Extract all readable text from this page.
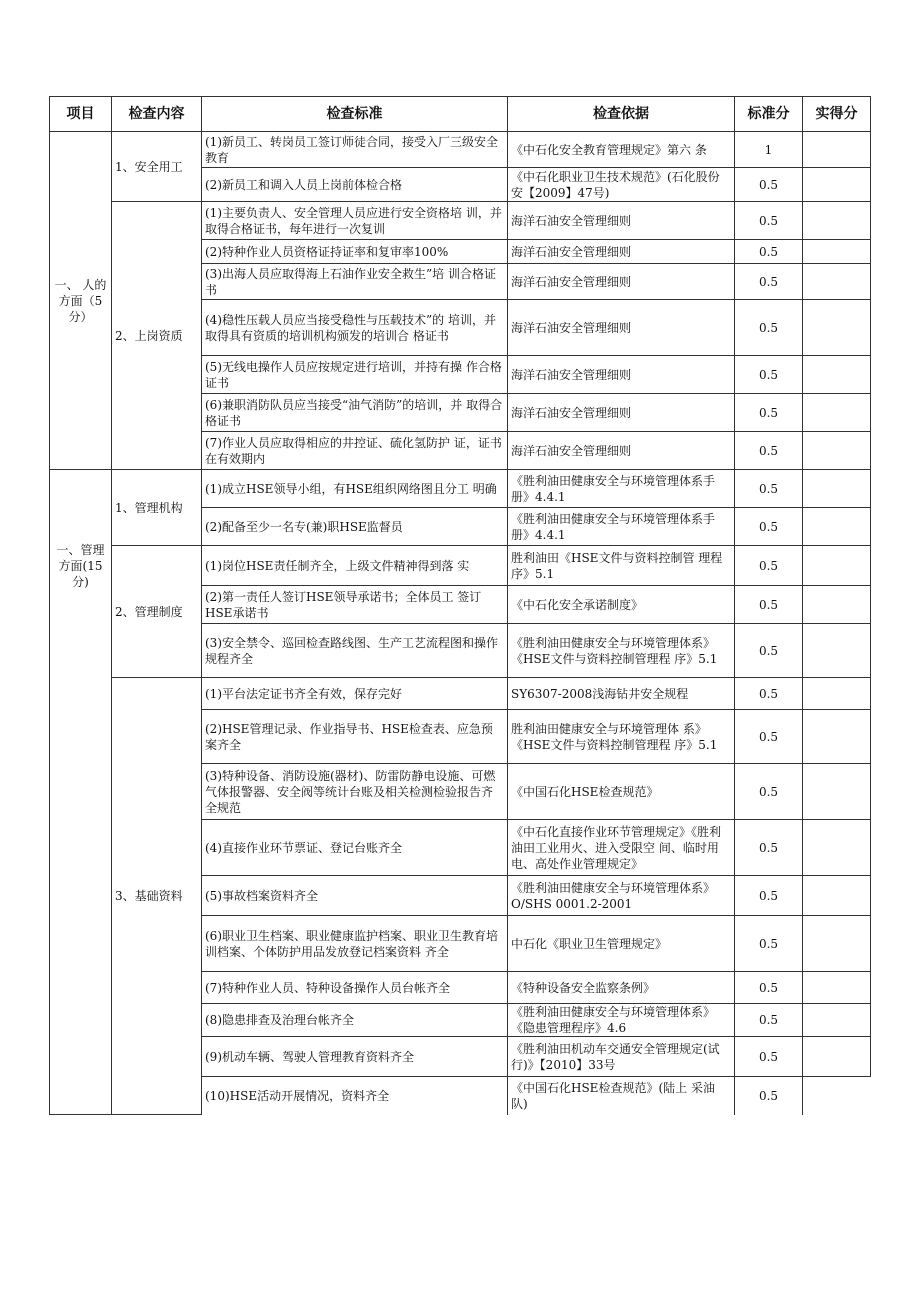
项目	检查内容	检查标准	检查依据	标准分	实得分
一、 人的方面（5分）	1、安全用工	(1)新员工、转岗员工签订师徒合同，接受入厂三级安全教育	《中石化安全教育管理规定》第六 条	1	
		(2)新员工和调入人员上岗前体检合格	《中石化职业卫生技术规范》(石化股份安【2009】47号)	0.5	
	2、上岗资质	(1)主要负责人、安全管理人员应进行安全资格培 训，并取得合格证书，每年进行一次复训	海洋石油安全管理细则	0.5	
		(2)特种作业人员资格证持证率和复审率100%	海洋石油安全管理细则	0.5	
		(3)出海人员应取得海上石油作业安全救生”培 训合格证书	海洋石油安全管理细则	0.5	
		(4)稳性压载人员应当接受稳性与压载技术”的 培训，并取得具有资质的培训机构颁发的培训合 格证书	海洋石油安全管理细则	0.5	
		(5)无线电操作人员应按规定进行培训，并持有操 作合格证书	海洋石油安全管理细则	0.5	
		(6)兼职消防队员应当接受“油气消防”的培训，并 取得合格证书	海洋石油安全管理细则	0.5	
		(7)作业人员应取得相应的井控证、硫化氢防护 证，证书在有效期内	海洋石油安全管理细则	0.5	
一、管理方面(15 分)	1、管理机构	(1)成立HSE领导小组，有HSE组织网络图且分工 明确	《胜利油田健康安全与环境管理体系手册》4.4.1	0.5	
		(2)配备至少一名专(兼)职HSE监督员	《胜利油田健康安全与环境管理体系手册》4.4.1	0.5	
	2、管理制度	(1)岗位HSE责任制齐全，上级文件精神得到落 实	胜利油田《HSE文件与资料控制管 理程序》5.1	0.5	
		(2)第一责任人签订HSE领导承诺书；全体员工 签订HSE承诺书	《中石化安全承诺制度》	0.5	
		(3)安全禁令、巡回检查路线图、生产工艺流程图和操作规程齐全	《胜利油田健康安全与环境管理体系》《HSE文件与资料控制管理程 序》5.1	0.5	
	3、基础资料	(1)平台法定证书齐全有效，保存完好	SY6307-2008浅海钻井安全规程	0.5	
		(2)HSE管理记录、作业指导书、HSE检查表、应急预案齐全	胜利油田健康安全与环境管理体 系》《HSE文件与资料控制管理程 序》5.1	0.5	
		(3)特种设备、消防设施(器材)、防雷防静电设施、可燃气体报警器、安全阀等统计台账及相关检测检验报告齐全规范	《中国石化HSE检查规范》	0.5	
		(4)直接作业环节票证、登记台账齐全	《中石化直接作业环节管理规定》《胜利油田工业用火、进入受限空 间、临时用电、高处作业管理规定》	0.5	
		(5)事故档案资料齐全	《胜利油田健康安全与环境管理体系》O/SHS 0001.2-2001	0.5	
		(6)职业卫生档案、职业健康监护档案、职业卫生教育培训档案、个体防护用品发放登记档案资料 齐全	中石化《职业卫生管理规定》	0.5	
		(7)特种作业人员、特种设备操作人员台帐齐全	《特种设备安全监察条例》	0.5	
		(8)隐患排查及治理台帐齐全	《胜利油田健康安全与环境管理体系》《隐患管理程序》4.6	0.5	
		(9)机动车辆、驾驶人管理教育资料齐全	《胜利油田机动车交通安全管理规定(试行)》【2010】33号	0.5	
		(10)HSE活动开展情况，资料齐全	《中国石化HSE检查规范》(陆上 采油队)	0.5	
